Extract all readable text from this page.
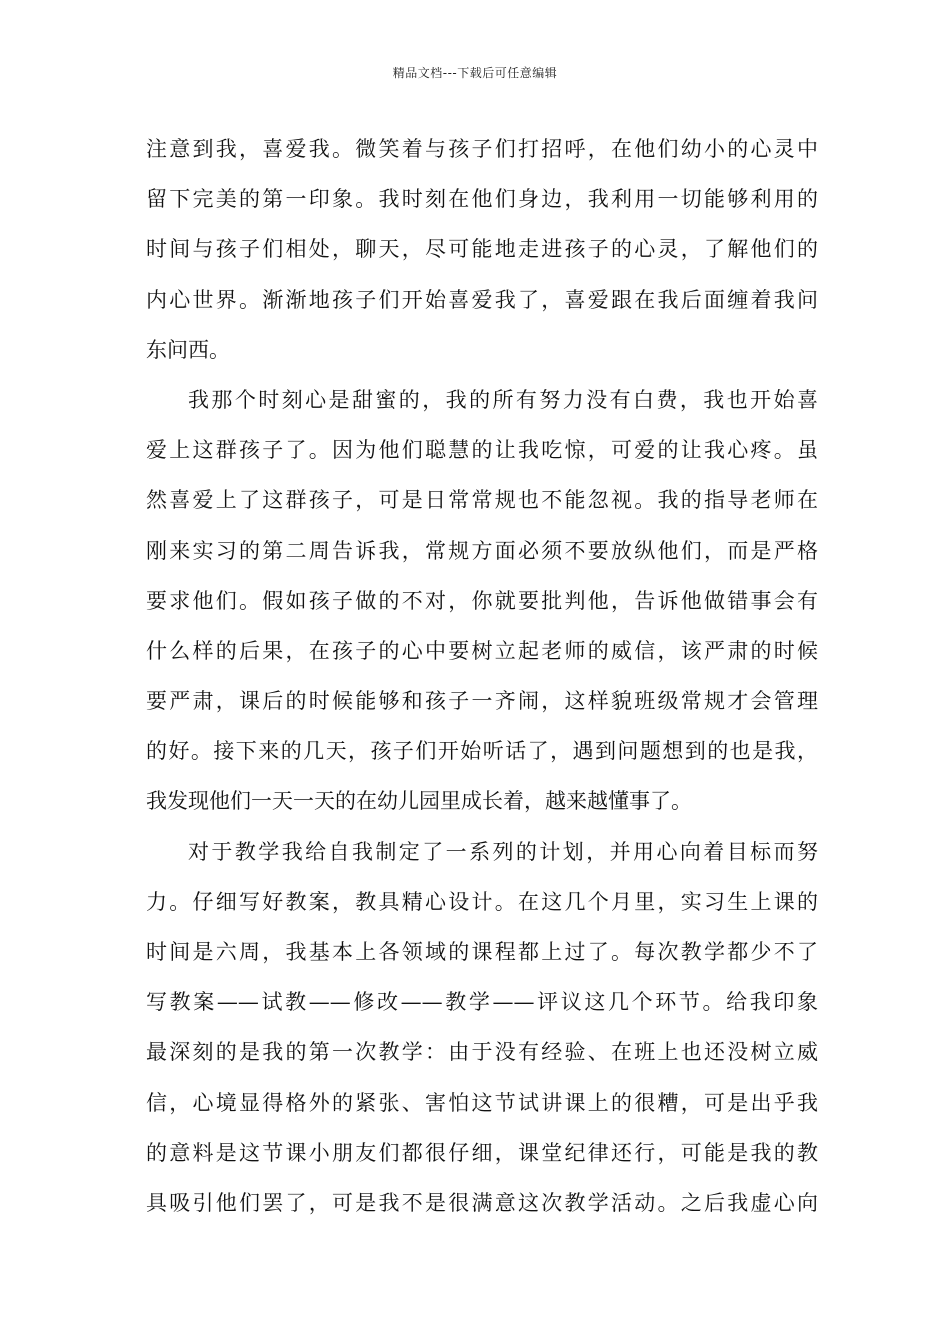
精品文档---下载后可任意编辑
注意到我，喜爱我。微笑着与孩子们打招呼，在他们幼小的心灵中
留下完美的第一印象。我时刻在他们身边，我利用一切能够利用的
时间与孩子们相处，聊天，尽可能地走进孩子的心灵，了解他们的
内心世界。渐渐地孩子们开始喜爱我了，喜爱跟在我后面缠着我问
东问西。
我那个时刻心是甜蜜的，我的所有努力没有白费，我也开始喜
爱上这群孩子了。因为他们聪慧的让我吃惊，可爱的让我心疼。虽
然喜爱上了这群孩子，可是日常常规也不能忽视。我的指导老师在
刚来实习的第二周告诉我，常规方面必须不要放纵他们，而是严格
要求他们。假如孩子做的不对，你就要批判他，告诉他做错事会有
什么样的后果，在孩子的心中要树立起老师的威信，该严肃的时候
要严肃，课后的时候能够和孩子一齐闹，这样貌班级常规才会管理
的好。接下来的几天，孩子们开始听话了，遇到问题想到的也是我，
我发现他们一天一天的在幼儿园里成长着，越来越懂事了。
对于教学我给自我制定了一系列的计划，并用心向着目标而努
力。仔细写好教案，教具精心设计。在这几个月里，实习生上课的
时间是六周，我基本上各领域的课程都上过了。每次教学都少不了
写教案——试教——修改——教学——评议这几个环节。给我印象
最深刻的是我的第一次教学：由于没有经验、在班上也还没树立威
信，心境显得格外的紧张、害怕这节试讲课上的很糟，可是出乎我
的意料是这节课小朋友们都很仔细，课堂纪律还行，可能是我的教
具吸引他们罢了，可是我不是很满意这次教学活动。之后我虚心向
